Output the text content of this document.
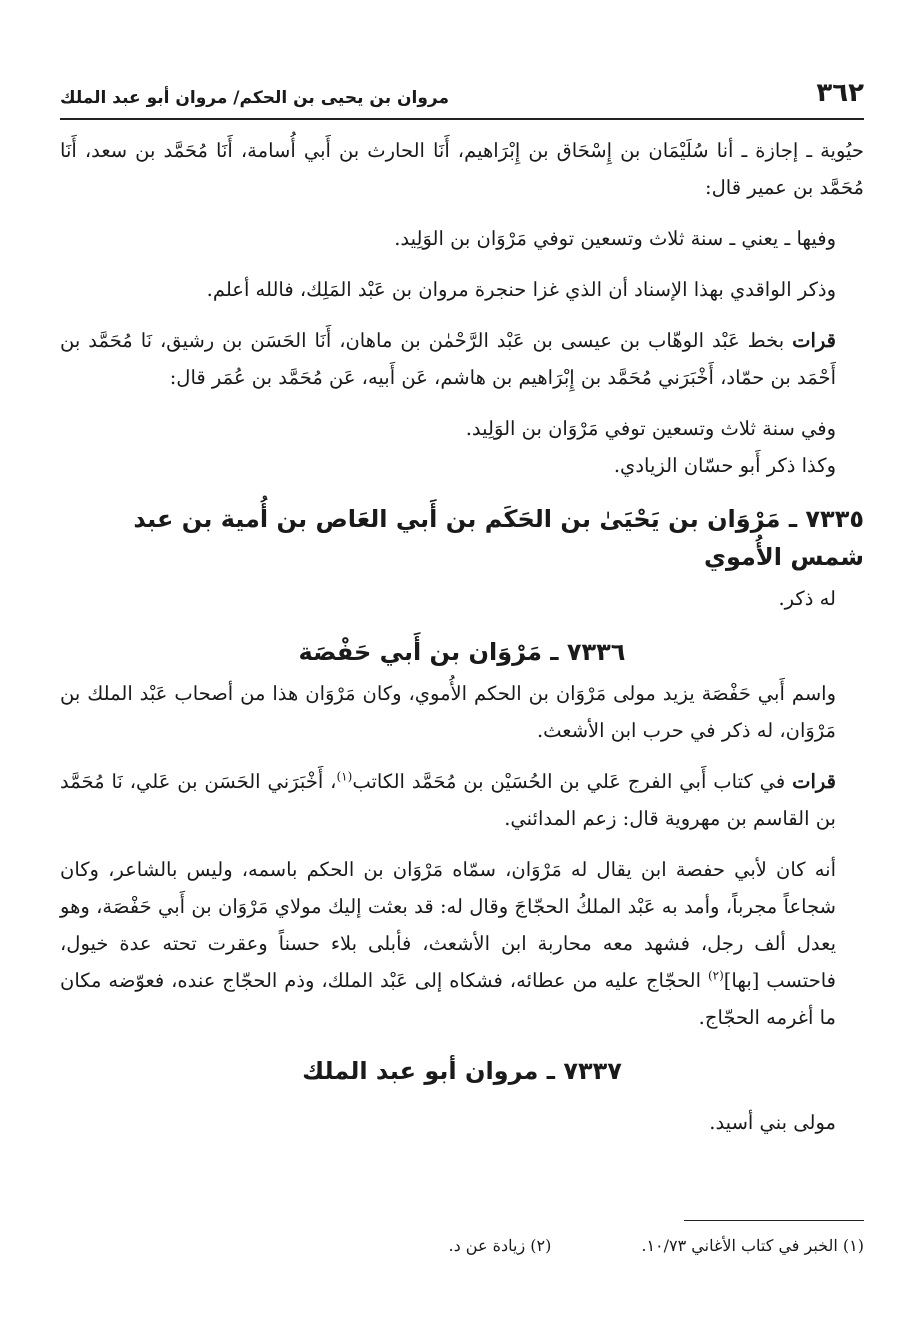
٣٦٢
مروان بن يحيى بن الحكم/ مروان أبو عبد الملك

حيُوية ـ إجازة ـ أنا سُلَيْمَان بن إِسْحَاق بن إِبْرَاهيم، أَنَا الحارث بن أَبي أُسامة، أَنَا مُحَمَّد بن سعد، أَنَا مُحَمَّد بن عمير قال:

وفيها ـ يعني ـ سنة ثلاث وتسعين توفي مَرْوَان بن الوَلِيد.

وذكر الواقدي بهذا الإسناد أن الذي غزا حنجرة مروان بن عَبْد المَلِك، فالله أعلم.

قرات بخط عَبْد الوهّاب بن عيسى بن عَبْد الرَّحْمٰن بن ماهان، أَنَا الحَسَن بن رشيق، نَا مُحَمَّد بن أَحْمَد بن حمّاد، أَخْبَرَني مُحَمَّد بن إِبْرَاهيم بن هاشم، عَن أَبيه، عَن مُحَمَّد بن عُمَر قال:

وفي سنة ثلاث وتسعين توفي مَرْوَان بن الوَلِيد.

وكذا ذكر أَبو حسّان الزيادي.

٧٣٣٥ ـ مَرْوَان بن يَحْيَىٰ بن الحَكَم بن أَبي العَاص بن أُمية بن عبد شمس الأُموي

له ذكر.

٧٣٣٦ ـ مَرْوَان بن أَبي حَفْصَة

واسم أَبي حَفْصَة يزيد مولى مَرْوَان بن الحكم الأُموي، وكان مَرْوَان هذا من أصحاب عَبْد الملك بن مَرْوَان، له ذكر في حرب ابن الأشعث.

قرات في كتاب أَبي الفرج عَلي بن الحُسَيْن بن مُحَمَّد الكاتب$^{(١)}$، أَخْبَرَني الحَسَن بن عَلي، نَا مُحَمَّد بن القاسم بن مهروية قال: زعم المدائني.

أنه كان لأبي حفصة ابن يقال له مَرْوَان، سمّاه مَرْوَان بن الحكم باسمه، وليس بالشاعر، وكان شجاعاً مجرباً، وأمد به عَبْد الملكُ الحجّاجَ وقال له: قد بعثت إليك مولاي مَرْوَان بن أَبي حَفْصَة، وهو يعدل ألف رجل، فشهد معه محاربة ابن الأشعث، فأبلى بلاء حسناً وعقرت تحته عدة خيول، فاحتسب [بها]$^{(٢)}$ الحجّاج عليه من عطائه، فشكاه إلى عَبْد الملك، وذم الحجّاج عنده، فعوّضه مكان ما أغرمه الحجّاج.

٧٣٣٧ ـ مروان أبو عبد الملك

مولى بني أسيد.

(١) الخبر في كتاب الأغاني ١٠/٧٣.
(٢) زيادة عن د.
